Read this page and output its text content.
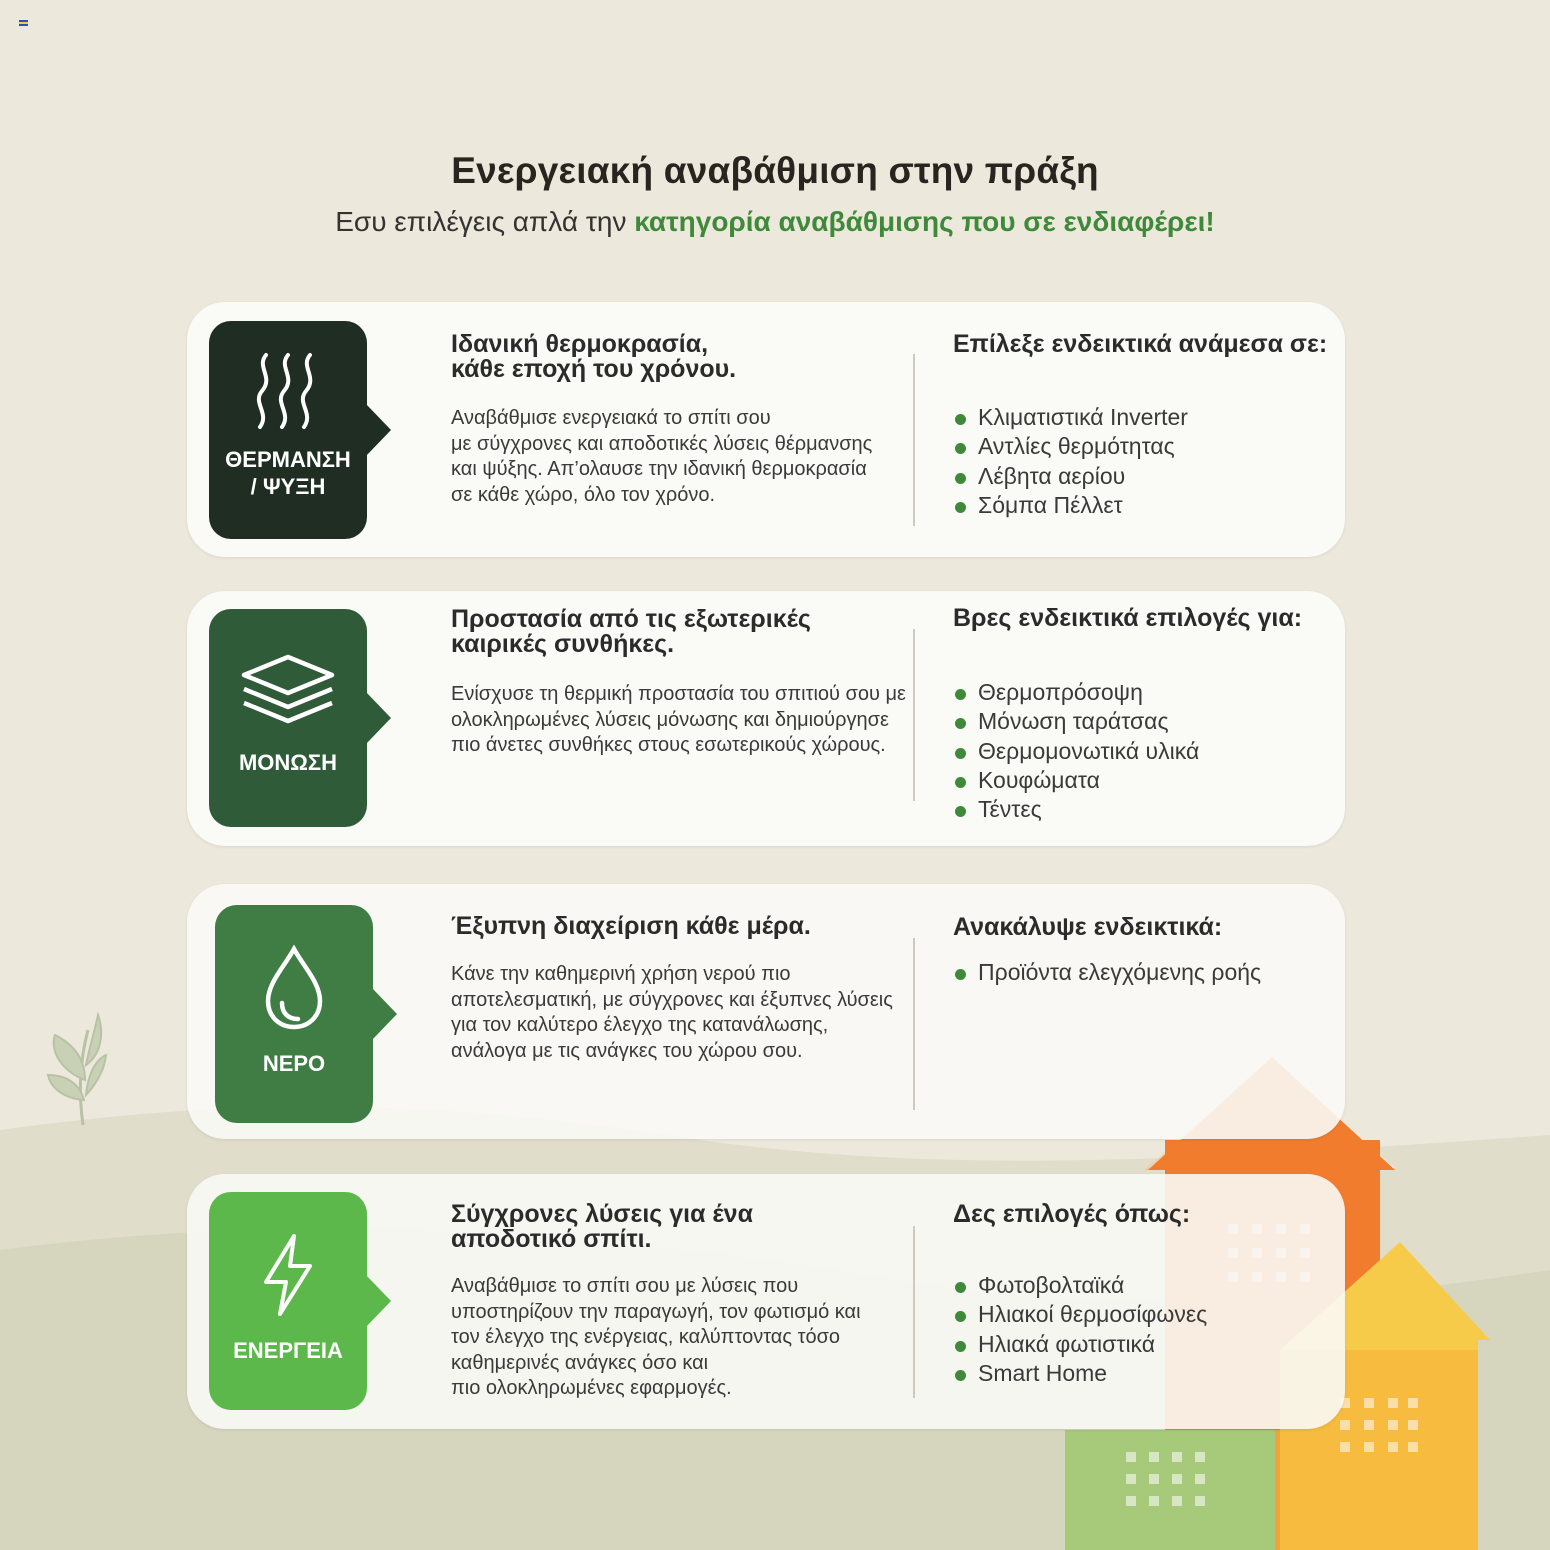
Ενεργειακή αναβάθμιση στην πράξη
Εσυ επιλέγεις απλά την κατηγορία αναβάθμισης που σε ενδιαφέρει!
ΘΕΡΜΑΝΣΗ
/ ΨΥΞΗ
Ιδανική θερμοκρασία,
κάθε εποχή του χρόνου.

Αναβάθμισε ενεργειακά το σπίτι σου
με σύγχρονες και αποδοτικές λύσεις θέρμανσης
και ψύξης. Απ’ολαυσε την ιδανική θερμοκρασία
σε κάθε χώρο, όλο τον χρόνο.

Επίλεξε ενδεικτικά ανάμεσα σε:
Κλιματιστικά Inverter
Αντλίες θερμότητας
Λέβητα αερίου
Σόμπα Πέλλετ
ΜΟΝΩΣΗ
Προστασία από τις εξωτερικές
καιρικές συνθήκες.

Ενίσχυσε τη θερμική προστασία του σπιτιού σου με
ολοκληρωμένες λύσεις μόνωσης και δημιούργησε
πιο άνετες συνθήκες στους εσωτερικούς χώρους.

Βρες ενδεικτικά επιλογές για:
Θερμοπρόσοψη
Μόνωση ταράτσας
Θερμομονωτικά υλικά
Κουφώματα
Τέντες
ΝΕΡΟ
Έξυπνη διαχείριση κάθε μέρα.

Κάνε την καθημερινή χρήση νερού πιο
αποτελεσματική, με σύγχρονες και έξυπνες λύσεις
για τον καλύτερο έλεγχο της κατανάλωσης,
ανάλογα με τις ανάγκες του χώρου σου.

Ανακάλυψε ενδεικτικά:
Προϊόντα ελεγχόμενης ροής
ΕΝΕΡΓΕΙΑ
Σύγχρονες λύσεις για ένα
αποδοτικό σπίτι.

Αναβάθμισε το σπίτι σου με λύσεις που
υποστηρίζουν την παραγωγή, τον φωτισμό και
τον έλεγχο της ενέργειας, καλύπτοντας τόσο
καθημερινές ανάγκες όσο και
πιο ολοκληρωμένες εφαρμογές.

Δες επιλογές όπως:
Φωτοβολταϊκά
Ηλιακοί θερμοσίφωνες
Ηλιακά φωτιστικά
Smart Home
